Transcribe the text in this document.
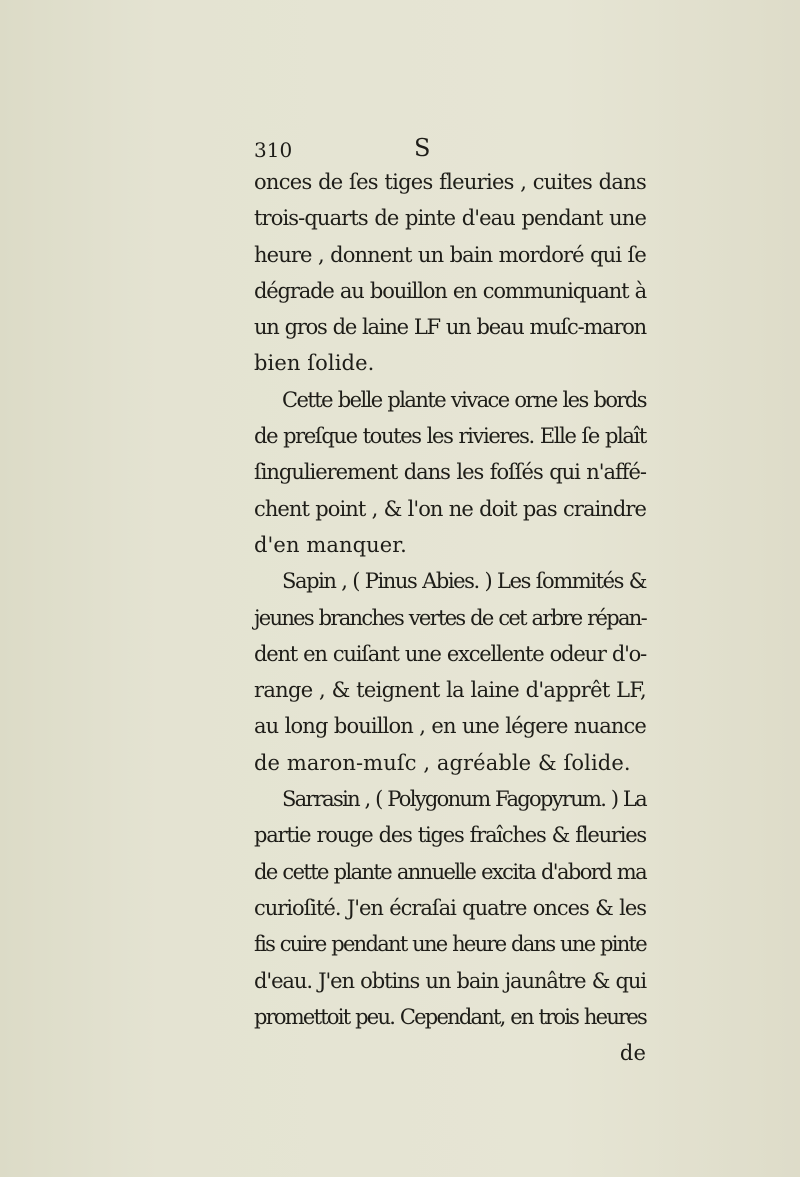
310	S
onces de ſes tiges fleuries , cuites dans
trois-quarts de pinte d'eau pendant une
heure , donnent un bain mordoré qui ſe
dégrade au bouillon en communiquant à
un gros de laine LF un beau muſc-maron
bien ſolide.
Cette belle plante vivace orne les bords
de preſque toutes les rivieres. Elle ſe plaît
ſingulierement dans les foſſés qui n'affé-
chent point , & l'on ne doit pas craindre
d'en manquer.
Sapin , ( Pinus Abies. ) Les ſommités &
jeunes branches vertes de cet arbre répan-
dent en cuiſant une excellente odeur d'o-
range , & teignent la laine d'apprêt LF,
au long bouillon , en une légere nuance
de maron-muſc , agréable & ſolide.
Sarrasin , ( Polygonum Fagopyrum. ) La
partie rouge des tiges fraîches & fleuries
de cette plante annuelle excita d'abord ma
curioſité. J'en écraſai quatre onces & les
fis cuire pendant une heure dans une pinte
d'eau. J'en obtins un bain jaunâtre & qui
promettoit peu. Cependant, en trois heures
de
